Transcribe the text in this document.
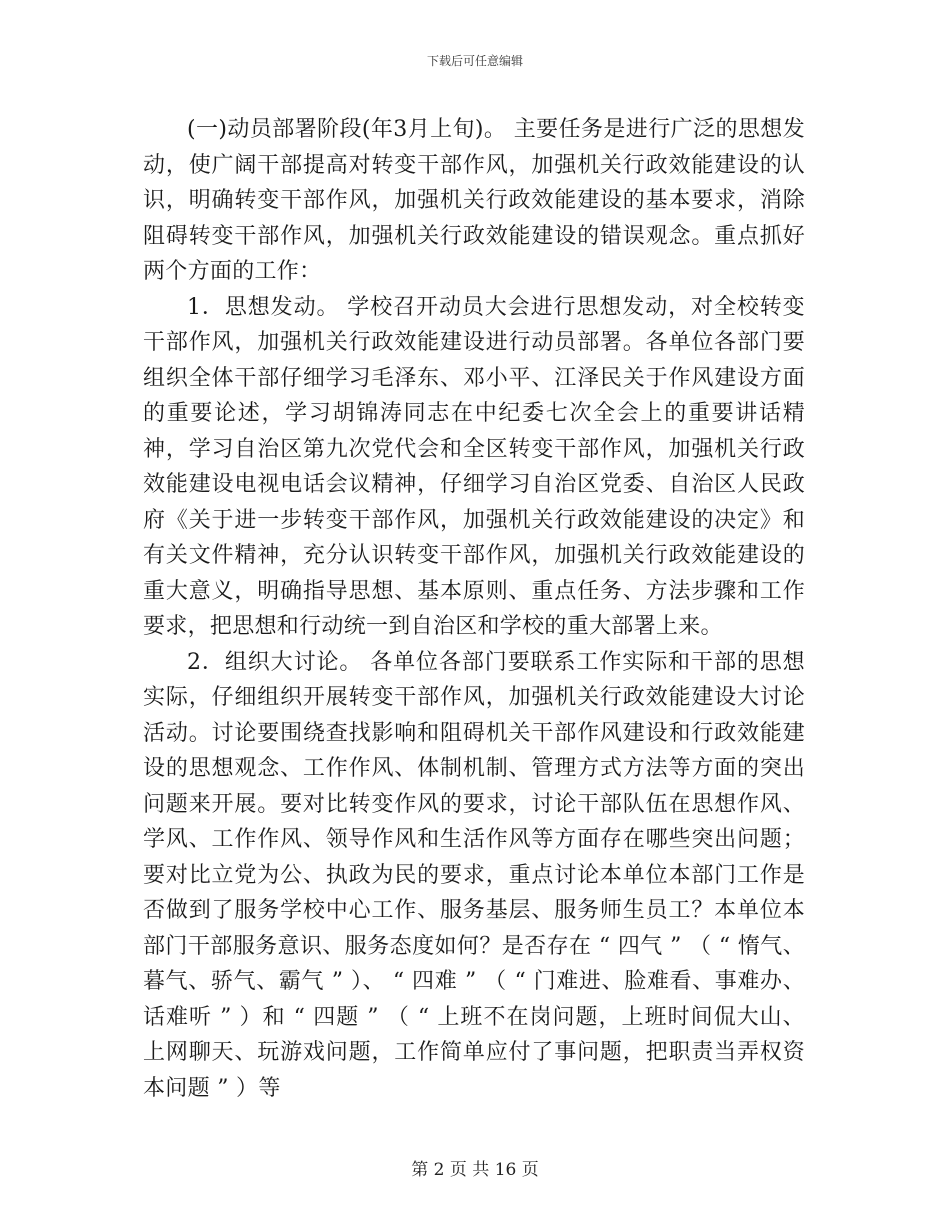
下载后可任意编辑

(一)动员部署阶段(年3月上旬)。 主要任务是进行广泛的思想发动，使广阔干部提高对转变干部作风，加强机关行政效能建设的认识，明确转变干部作风，加强机关行政效能建设的基本要求，消除阻碍转变干部作风，加强机关行政效能建设的错误观念。重点抓好两个方面的工作：

1．思想发动。 学校召开动员大会进行思想发动，对全校转变干部作风，加强机关行政效能建设进行动员部署。各单位各部门要组织全体干部仔细学习毛泽东、邓小平、江泽民关于作风建设方面的重要论述，学习胡锦涛同志在中纪委七次全会上的重要讲话精神，学习自治区第九次党代会和全区转变干部作风，加强机关行政效能建设电视电话会议精神，仔细学习自治区党委、自治区人民政府《关于进一步转变干部作风，加强机关行政效能建设的决定》和有关文件精神，充分认识转变干部作风，加强机关行政效能建设的重大意义，明确指导思想、基本原则、重点任务、方法步骤和工作要求，把思想和行动统一到自治区和学校的重大部署上来。

2．组织大讨论。 各单位各部门要联系工作实际和干部的思想实际，仔细组织开展转变干部作风，加强机关行政效能建设大讨论活动。讨论要围绕查找影响和阻碍机关干部作风建设和行政效能建设的思想观念、工作作风、体制机制、管理方式方法等方面的突出问题来开展。要对比转变作风的要求，讨论干部队伍在思想作风、学风、工作作风、领导作风和生活作风等方面存在哪些突出问题；要对比立党为公、执政为民的要求，重点讨论本单位本部门工作是否做到了服务学校中心工作、服务基层、服务师生员工？本单位本部门干部服务意识、服务态度如何？是否存在 “ 四气 ” （ “ 惰气、暮气、骄气、霸气 ” ）、 “ 四难 ” （ “ 门难进、脸难看、事难办、话难听 ” ）和 “ 四题 ” （ “ 上班不在岗问题，上班时间侃大山、上网聊天、玩游戏问题，工作简单应付了事问题，把职责当弄权资本问题 ” ）等

第 2 页 共 16 页
